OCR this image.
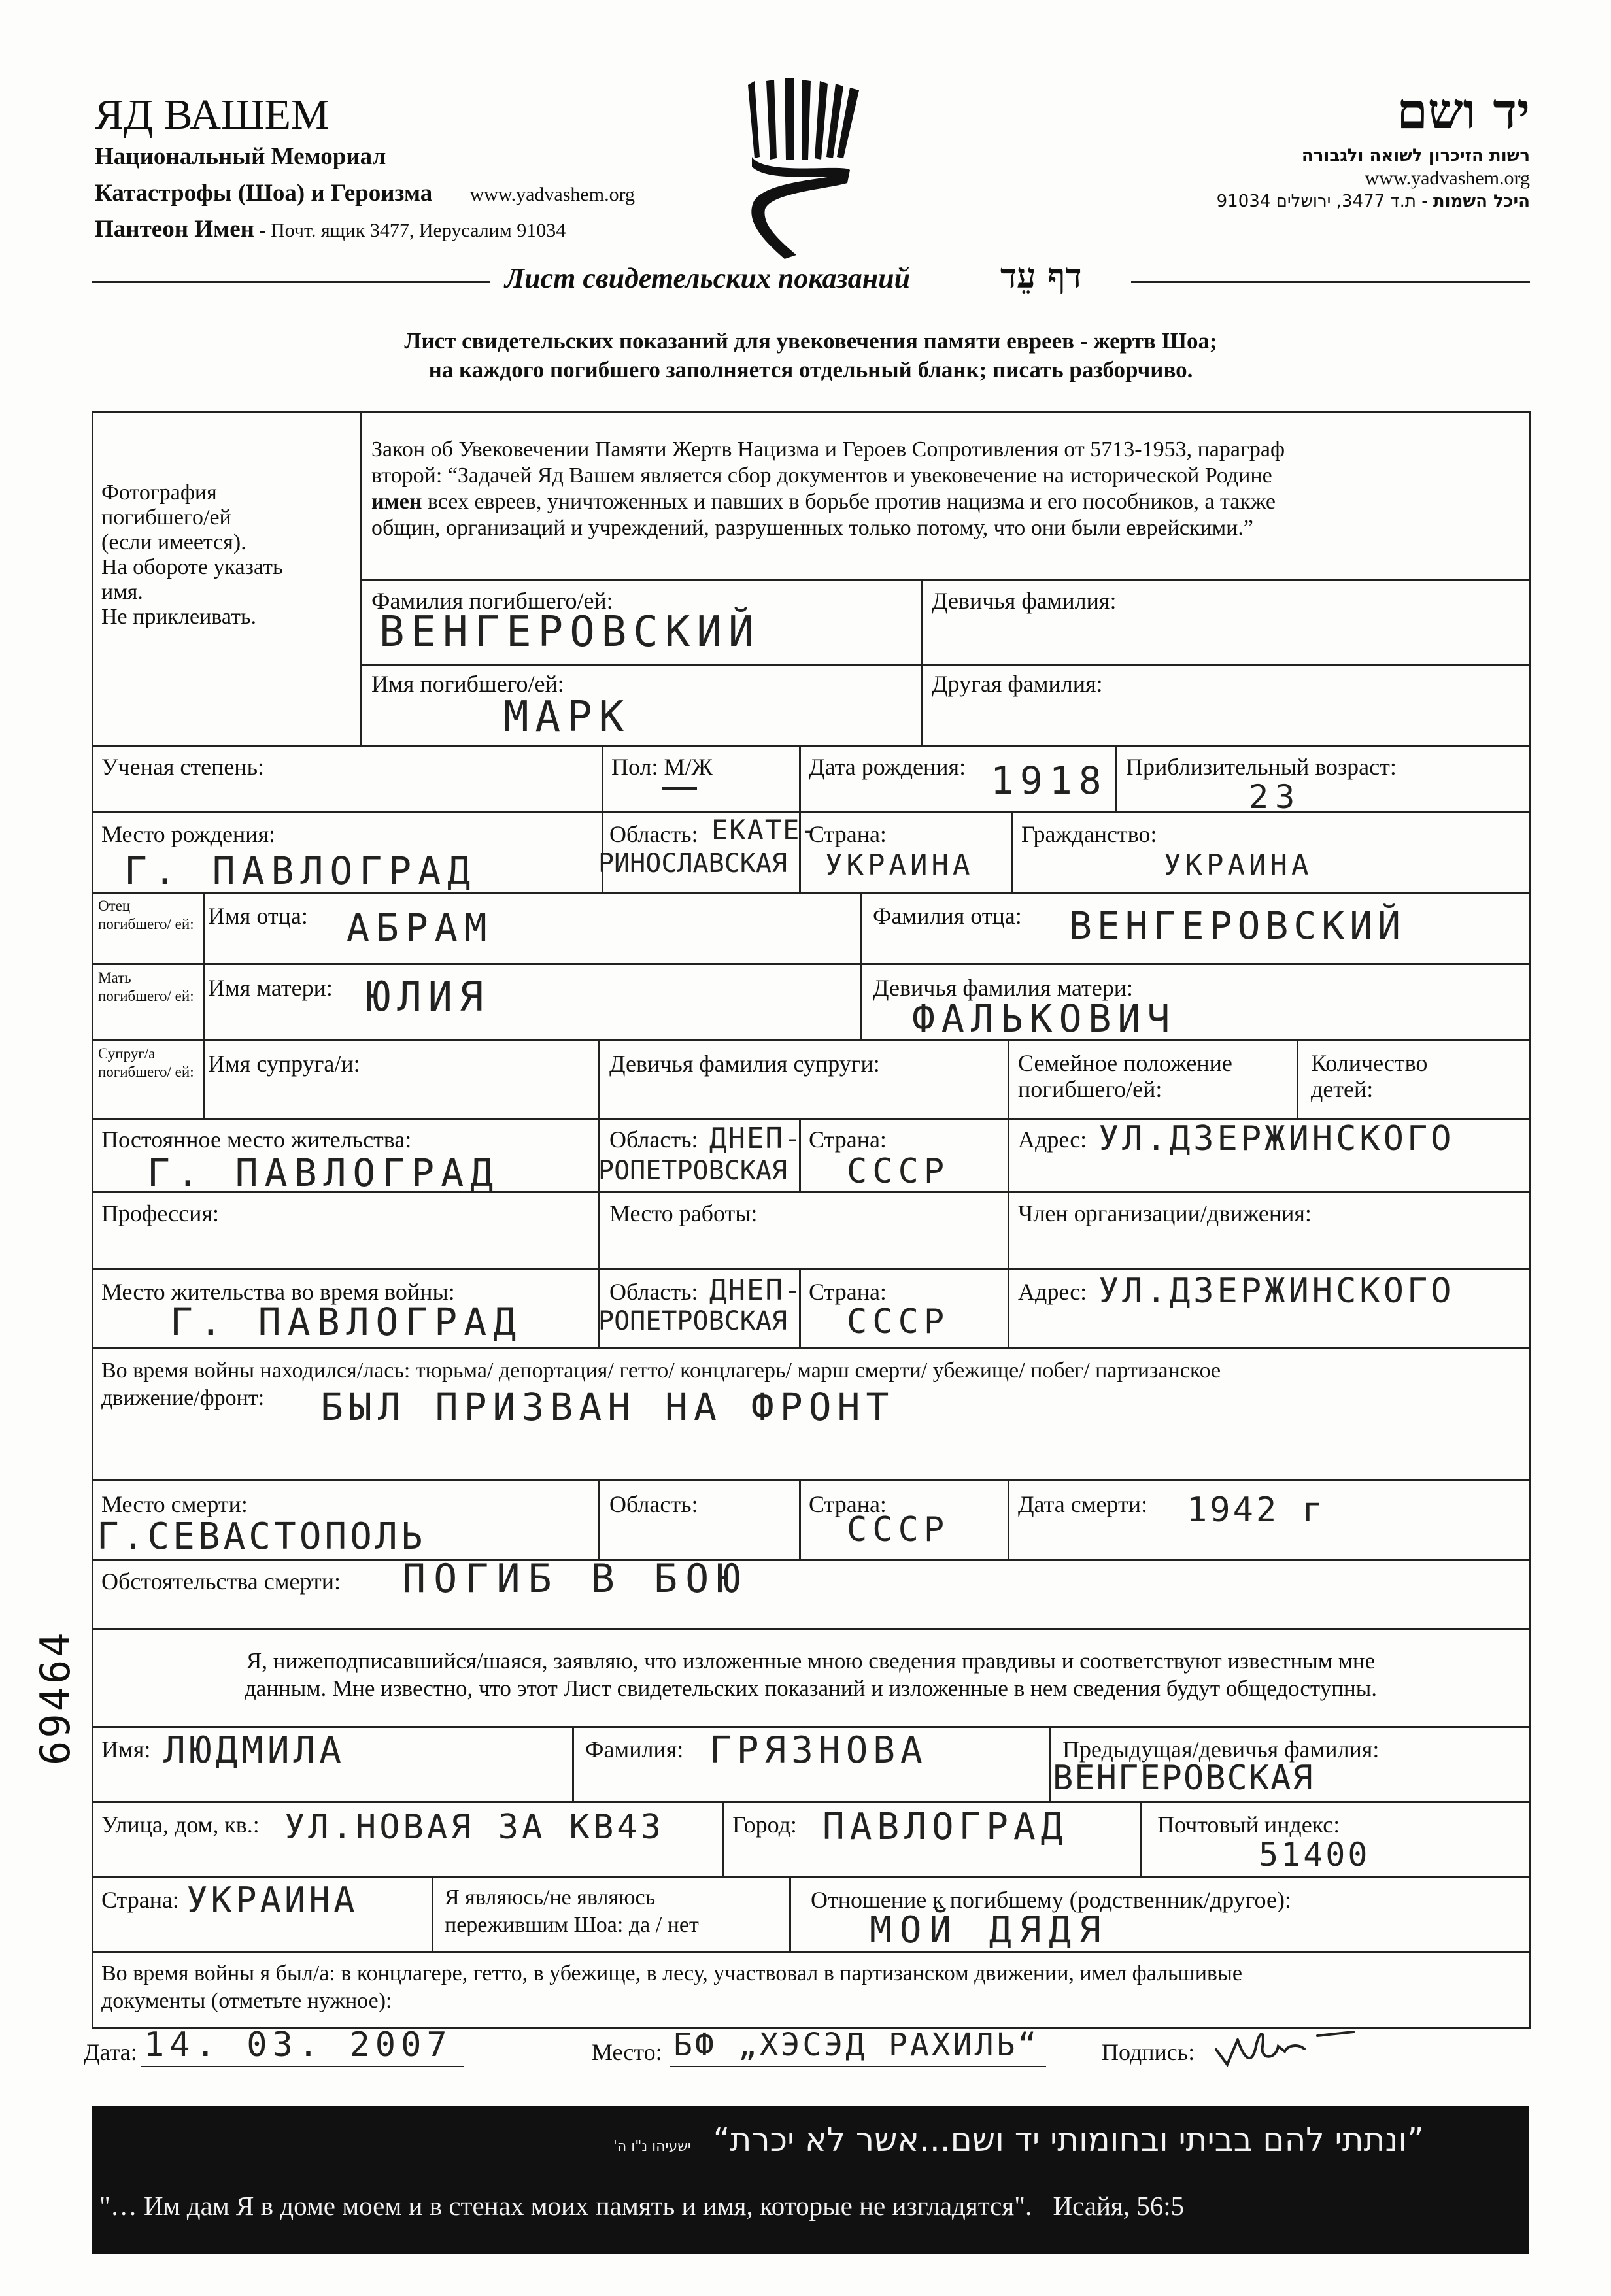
ЯД ВАШЕМ
Национальный Мемориал
Катастрофы (Шоа) и Героизма www.yadvashem.org
Пантеон Имен - Почт. ящик 3477, Иерусалим 91034
יד ושם
רשות הזיכרון לשואה ולגבורה
www.yadvashem.org
היכל השמות - ת.ד 3477, ירושלים 91034
Лист свидетельских показаний	דף עֵד
Лист свидетельских показаний для увековечения памяти евреев - жертв Шоа;
на каждого погибшего заполняется отдельный бланк; писать разборчиво.
Фотография
погибшего/ей
(если имеется).
На обороте указать
имя.
Не приклеивать.
Закон об Увековечении Памяти Жертв Нацизма и Героев Сопротивления от 5713-1953, параграф
второй: “Задачей Яд Вашем является сбор документов и увековечение на исторической Родине
имен всех евреев, уничтоженных и павших в борьбе против нацизма и его пособников, а также
общин, организаций и учреждений, разрушенных только потому, что они были еврейскими.”
Фамилия погибшего/ей:
ВЕНГЕРОВСКИЙ
Девичья фамилия:
Имя погибшего/ей:
МАРК
Другая фамилия:
Ученая степень:	Пол: М/Ж	Дата рождения: 1918 Приблизительный возраст:
23
Место рождения:
Г. ПАВЛОГРАД
Область: ЕКАТЕ-
РИНОСЛАВСКАЯ
Страна:
УКРАИНА
Гражданство:
УКРАИНА
Отец погибшего/ ей: Имя отца: АБРАМ	Фамилия отца: ВЕНГЕРОВСКИЙ
Мать погибшего/ ей: Имя матери: ЮЛИЯ	Девичья фамилия матери:
ФАЛЬКОВИЧ
Супруг/а погибшего/ ей: Имя супруга/и:	Девичья фамилия супруги:	Семейное положение
погибшего/ей:
Количество
детей:
Постоянное место жительства:
Г. ПАВЛОГРАД
Область: ДНЕП-
РОПЕТРОВСКАЯ
Страна:
СССР
Адрес: УЛ.ДЗЕРЖИНСКОГО
Профессия:	Место работы:	Член организации/движения:
Место жительства во время войны:
Г. ПАВЛОГРАД
Область: ДНЕП-
РОПЕТРОВСКАЯ
Страна:
СССР
Адрес: УЛ.ДЗЕРЖИНСКОГО
Во время войны находился/лась: тюрьма/ депортация/ гетто/ концлагерь/ марш смерти/ убежище/ побег/ партизанское
движение/фронт: БЫЛ ПРИЗВАН НА ФРОНТ
Место смерти:
Г.СЕВАСТОПОЛЬ
Область:	Страна:
СССР
Дата смерти: 1942 г
Обстоятельства смерти: ПОГИБ В БОЮ
Я, нижеподписавшийся/шаяся, заявляю, что изложенные мною сведения правдивы и соответствуют известным мне
данным. Мне известно, что этот Лист свидетельских показаний и изложенные в нем сведения будут общедоступны.
69464 Имя: ЛЮДМИЛА	Фамилия: ГРЯЗНОВА	Предыдущая/девичья фамилия:
ВЕНГЕРОВСКАЯ
Улица, дом, кв.: УЛ.НОВАЯ 3А КВ43	Город: ПАВЛОГРАД	Почтовый индекс:
51400
Страна: УКРАИНА	Я являюсь/не являюсь
пережившим Шоа: да / нет
Отношение к погибшему (родственник/другое):
МОЙ ДЯДЯ
Во время войны я был/а: в концлагере, гетто, в убежище, в лесу, участвовал в партизанском движении, имел фальшивые
документы (отметьте нужное):
Дата: 14. 03. 2007	Место: БФ „ХЭСЭД РАХИЛЬ“	Подпись:
”ונתתי להם בביתי ובחומותי יד ושם...אשר לא יכרת“ ישעיהו נ"ו ה'
"… Им дам Я в доме моем и в стенах моих память и имя, которые не изгладятся". Исайя, 56:5
